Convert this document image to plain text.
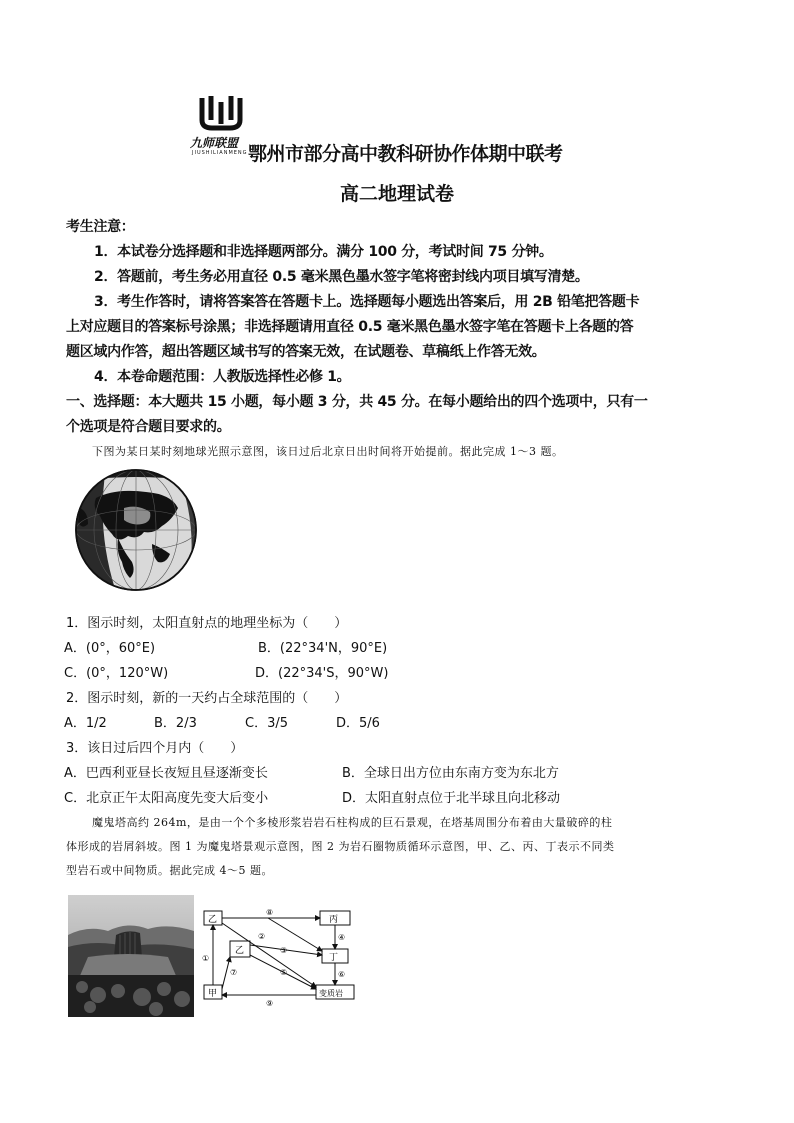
九师联盟
JIUSHILIANMENG 鄂州市部分高中教科研协作体期中联考
高二地理试卷
考生注意：
1．本试卷分选择题和非选择题两部分。满分 100 分，考试时间 75 分钟。
2．答题前，考生务必用直径 0.5 毫米黑色墨水签字笔将密封线内项目填写清楚。
3．考生作答时，请将答案答在答题卡上。选择题每小题选出答案后，用 2B 铅笔把答题卡
上对应题目的答案标号涂黑；非选择题请用直径 0.5 毫米黑色墨水签字笔在答题卡上各题的答
题区域内作答，超出答题区域书写的答案无效，在试题卷、草稿纸上作答无效。
4．本卷命题范围：人教版选择性必修 1。
一、选择题：本大题共 15 小题，每小题 3 分，共 45 分。在每小题给出的四个选项中，只有一
个选项是符合题目要求的。
下图为某日某时刻地球光照示意图，该日过后北京日出时间将开始提前。据此完成 1～3 题。
1．图示时刻，太阳直射点的地理坐标为（　　）
A．(0°，60°E)	B．(22°34'N，90°E)
C．(0°，120°W)	D．(22°34'S，90°W)
2．图示时刻，新的一天约占全球范围的（　　）
A．1/2	B．2/3	C．3/5	D．5/6
3．该日过后四个月内（　　）
A．巴西利亚昼长夜短且昼逐渐变长	B．全球日出方位由东南方变为东北方
C．北京正午太阳高度先变大后变小	D．太阳直射点位于北半球且向北移动
魔鬼塔高约 264m，是由一个个多棱形浆岩岩石柱构成的巨石景观，在塔基周围分布着由大量破碎的柱
体形成的岩屑斜坡。图 1 为魔鬼塔景观示意图，图 2 为岩石圈物质循环示意图，甲、乙、丙、丁表示不同类
型岩石或中间物质。据此完成 4～5 题。
乙
乙
甲
丙
丁
变质岩
⑧
④
⑥
⑨
①
⑦
②
③
⑤
